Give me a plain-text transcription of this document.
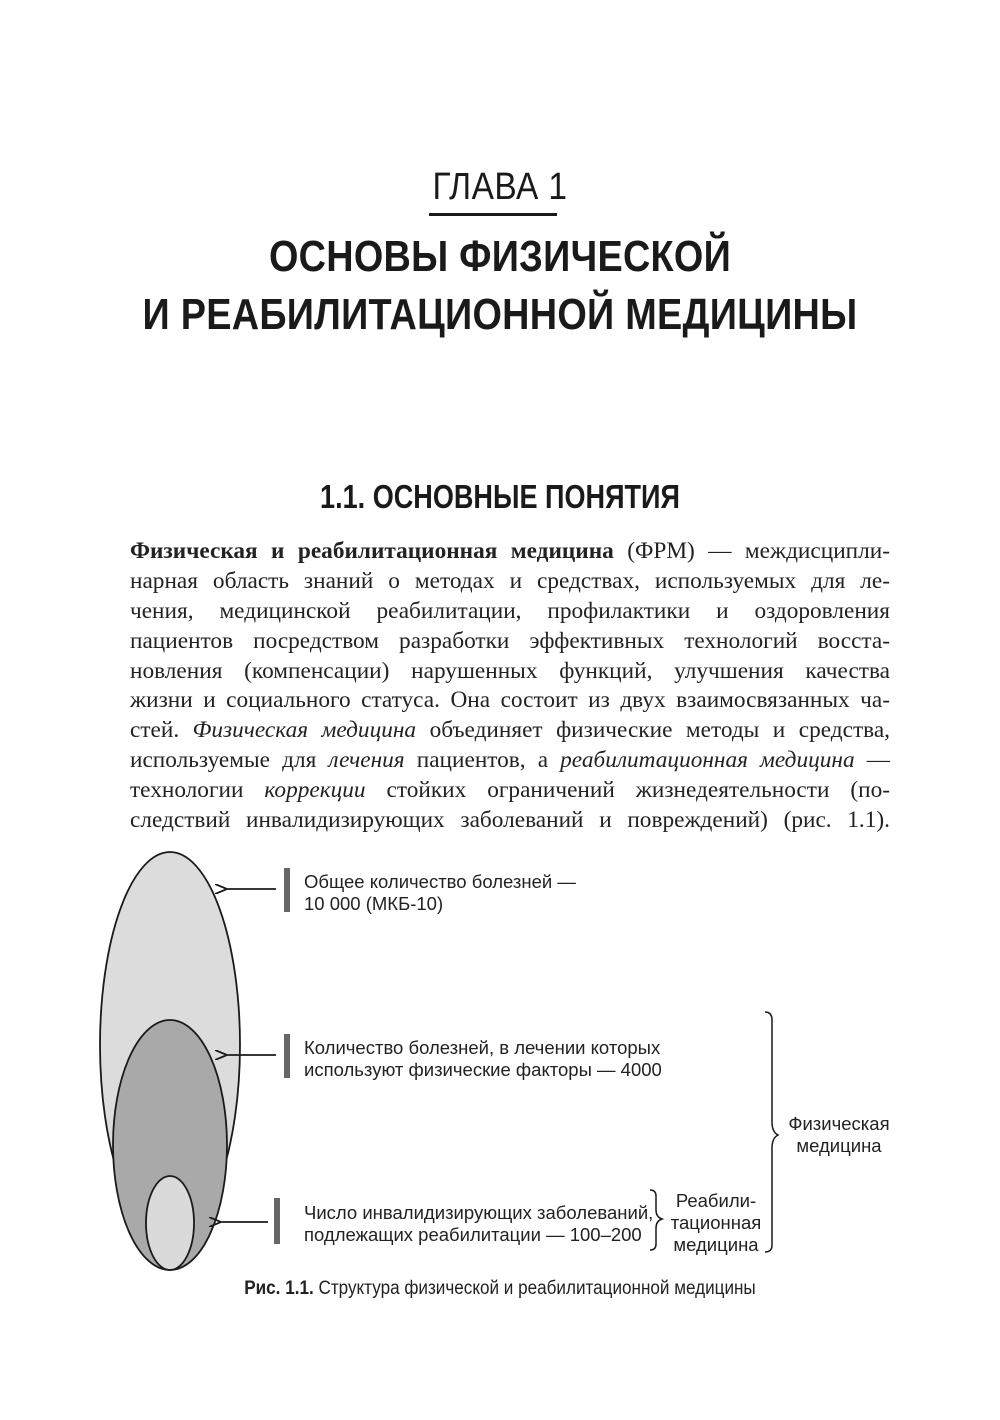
ГЛАВА 1
ОСНОВЫ ФИЗИЧЕСКОЙ
И РЕАБИЛИТАЦИОННОЙ МЕДИЦИНЫ
1.1. ОСНОВНЫЕ ПОНЯТИЯ
Физическая и реабилитационная медицина (ФРМ) — междисципли-
нарная область знаний о методах и средствах, используемых для ле-
чения, медицинской реабилитации, профилактики и оздоровления
пациентов посредством разработки эффективных технологий восста-
новления (компенсации) нарушенных функций, улучшения качества
жизни и социального статуса. Она состоит из двух взаимосвязанных ча-
стей. Физическая медицина объединяет физические методы и средства,
используемые для лечения пациентов, а реабилитационная медицина —
технологии коррекции стойких ограничений жизнедеятельности (по-
следствий инвалидизирующих заболеваний и повреждений) (рис. 1.1).
Общее количество болезней —
10 000 (МКБ-10)
Количество болезней, в лечении которых
используют физические факторы — 4000
Число инвалидизирующих заболеваний,
подлежащих реабилитации — 100–200
Реабили-
тационная
медицина
Физическая
медицина
Рис. 1.1. Структура физической и реабилитационной медицины
